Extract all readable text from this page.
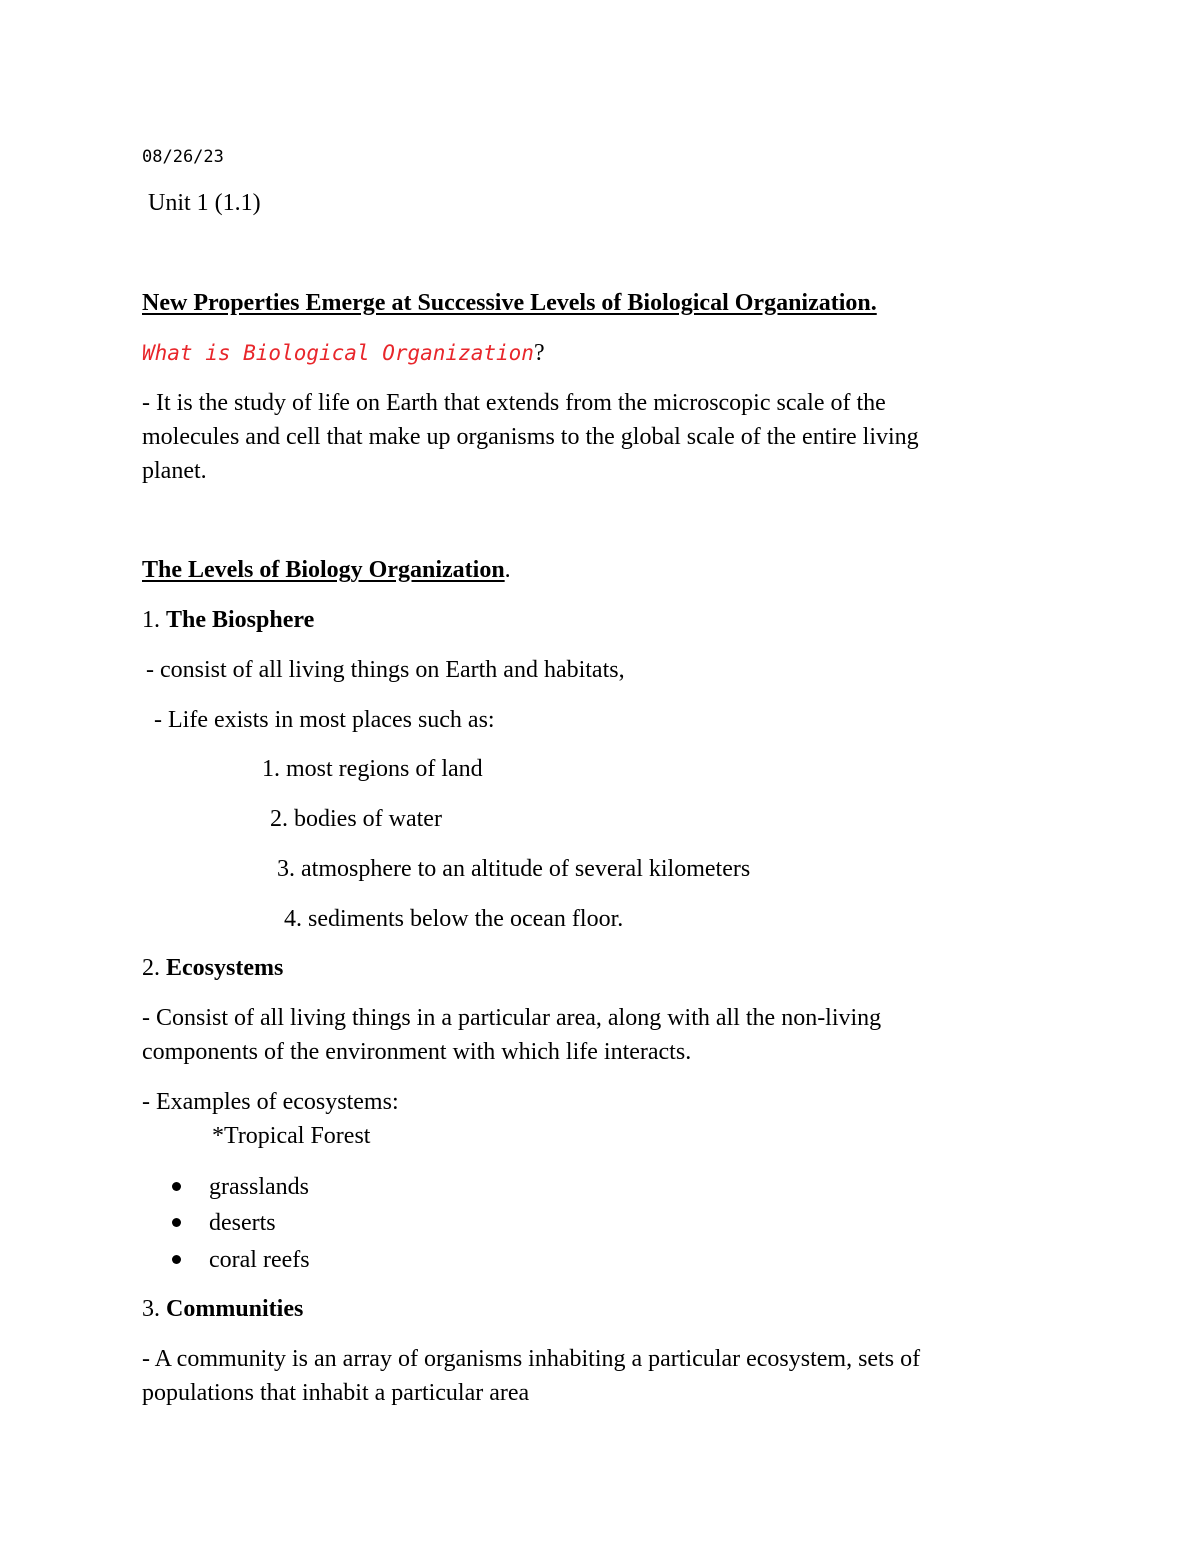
08/26/23
Unit 1 (1.1)
New Properties Emerge at Successive Levels of Biological Organization.
What is Biological Organization?
- It is the study of life on Earth that extends from the microscopic scale of the
molecules and cell that make up organisms to the global scale of the entire living
planet.
The Levels of Biology Organization.
1. The Biosphere
- consist of all living things on Earth and habitats,
- Life exists in most places such as:
1. most regions of land
2. bodies of water
3. atmosphere to an altitude of several kilometers
4. sediments below the ocean floor.
2. Ecosystems
- Consist of all living things in a particular area, along with all the non-living
components of the environment with which life interacts.
- Examples of ecosystems:
*Tropical Forest
grasslands
deserts
coral reefs
3. Communities
- A community is an array of organisms inhabiting a particular ecosystem, sets of
populations that inhabit a particular area
